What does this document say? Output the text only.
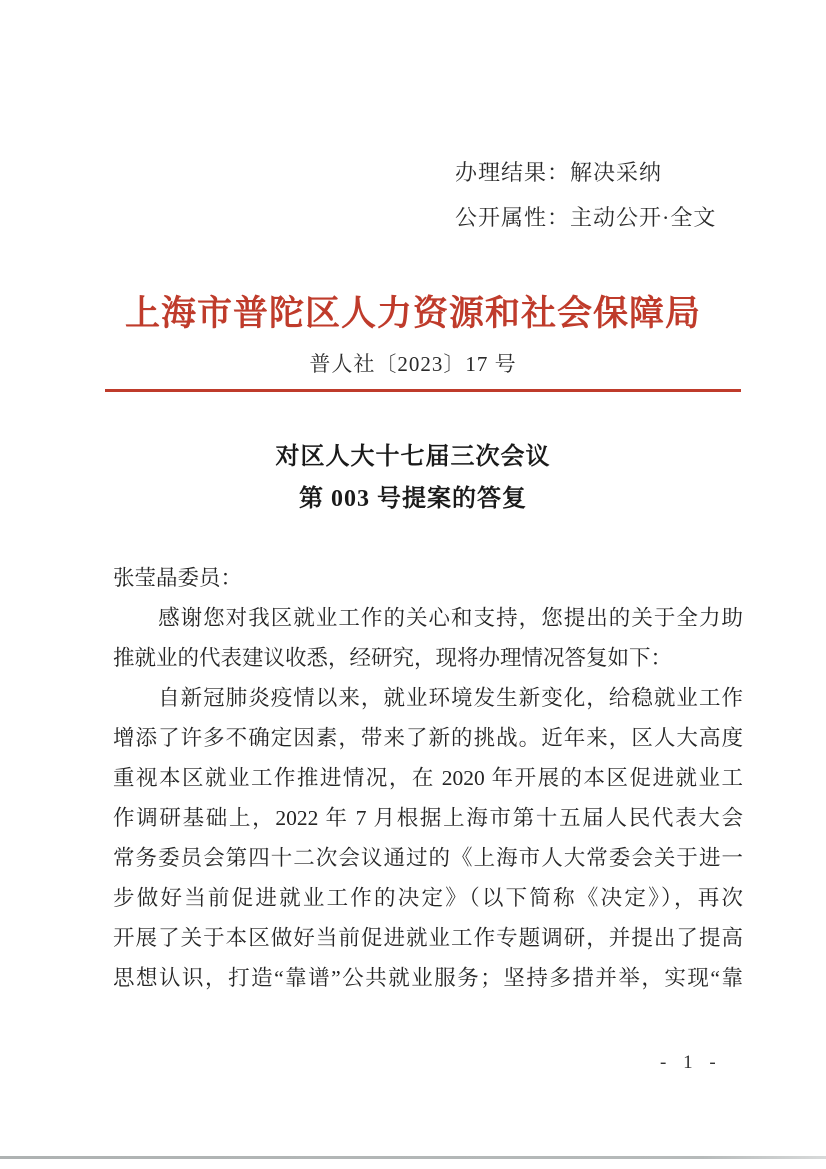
办理结果：解决采纳
公开属性：主动公开·全文
上海市普陀区人力资源和社会保障局
普人社〔2023〕17 号
对区人大十七届三次会议
第 003 号提案的答复
张莹晶委员：
　　感谢您对我区就业工作的关心和支持，您提出的关于全力助
推就业的代表建议收悉，经研究，现将办理情况答复如下：
　　自新冠肺炎疫情以来，就业环境发生新变化，给稳就业工作
增添了许多不确定因素，带来了新的挑战。近年来，区人大高度
重视本区就业工作推进情况，在 2020 年开展的本区促进就业工
作调研基础上，2022 年 7 月根据上海市第十五届人民代表大会
常务委员会第四十二次会议通过的《上海市人大常委会关于进一
步做好当前促进就业工作的决定》（以下简称《决定》），再次
开展了关于本区做好当前促进就业工作专题调研，并提出了提高
思想认识，打造“靠谱”公共就业服务；坚持多措并举，实现“靠
- 1 -
